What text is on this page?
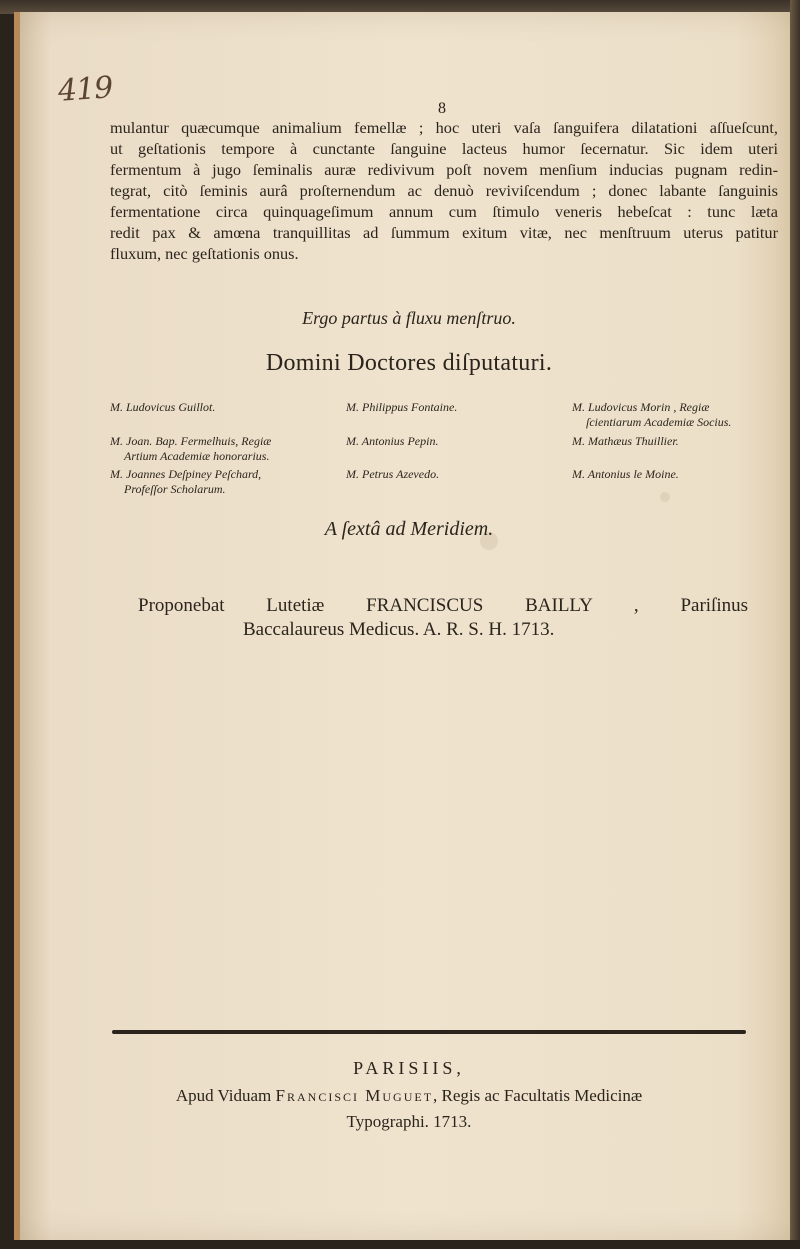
419	8
mulantur quæcumque animalium femellæ ; hoc uteri vaſa ſanguifera dilatationi aſſueſcunt,
ut geſtationis tempore à cunctante ſanguine lacteus humor ſecernatur. Sic idem uteri
fermentum à jugo ſeminalis auræ redivivum poſt novem menſium inducias pugnam redin-
tegrat, citò ſeminis aurâ proſternendum ac denuò reviviſcendum ; donec labante ſanguinis
fermentatione circa quinquageſimum annum cum ſtimulo veneris hebeſcat : tunc læta
redit pax & amœna tranquillitas ad ſummum exitum vitæ, nec menſtruum uterus patitur
fluxum, nec geſtationis onus.
Ergo partus à fluxu menſtruo.
Domini Doctores diſputaturi.
M. Ludovicus Guillot.
M. Joan. Bap. Fermelhuis, Regiæ
Artium Academiæ honorarius.
M. Joannes Deſpiney Peſchard,
Profeſſor Scholarum.
M. Philippus Fontaine.
M. Antonius Pepin.
M. Petrus Azevedo.
M. Ludovicus Morin , Regiæ
ſcientiarum Academiæ Socius.
M. Mathæus Thuillier.
M. Antonius le Moine.
A ſextâ ad Meridiem.
Proponebat Lutetiæ FRANCISCUS BAILLY , Pariſinus
Baccalaureus Medicus. A. R. S. H. 1713.
PARISIIS,
Apud Viduam Francisci Muguet, Regis ac Facultatis Medicinæ
Typographi. 1713.
